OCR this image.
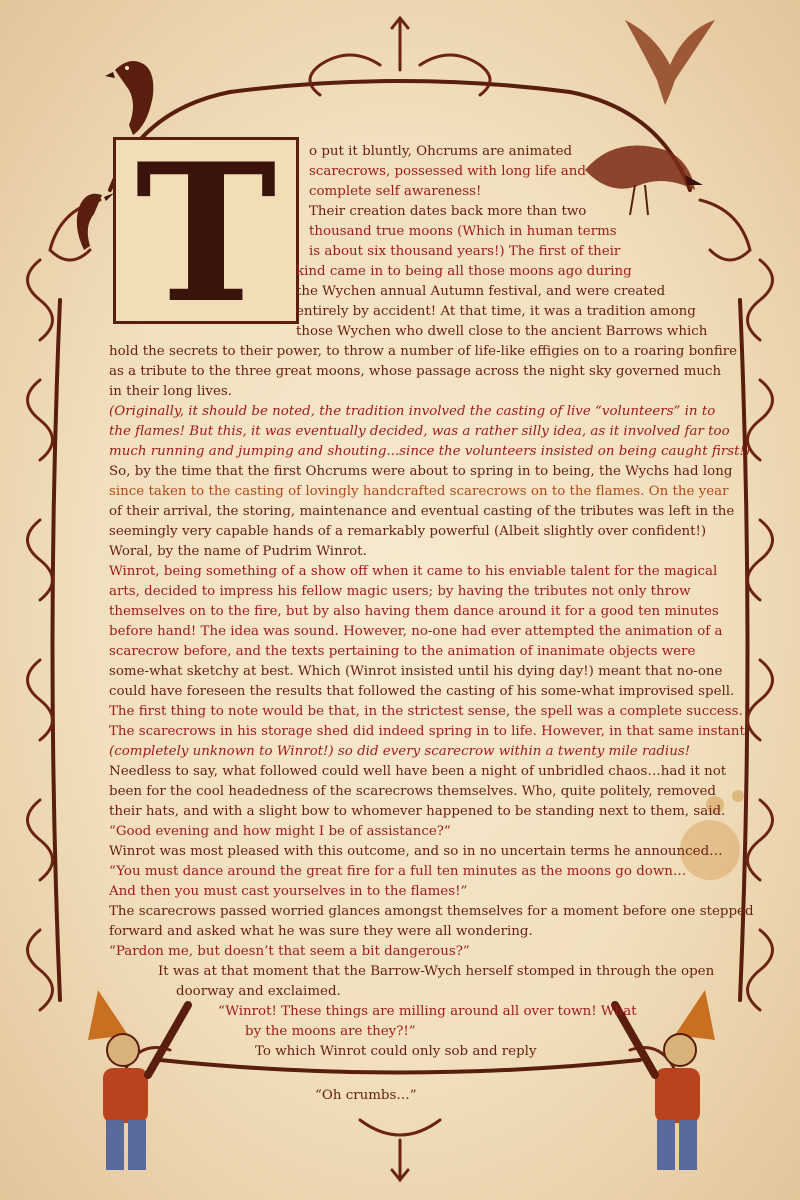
T	o put it bluntly, Ohcrums are animated
scarecrows, possessed with long life and
complete self awareness!
Their creation dates back more than two
thousand true moons (Which in human terms
is about six thousand years!) The first of their
kind came in to being all those moons ago during
the Wychen annual Autumn festival, and were created
entirely by accident! At that time, it was a tradition among
those Wychen who dwell close to the ancient Barrows which
hold the secrets to their power, to throw a number of life-like effigies on to a roaring bonfire
as a tribute to the three great moons, whose passage across the night sky governed much
in their long lives.
(Originally, it should be noted, the tradition involved the casting of live “volunteers” in to
the flames! But this, it was eventually decided, was a rather silly idea, as it involved far too
much running and jumping and shouting...since the volunteers insisted on being caught first!)
So, by the time that the first Ohcrums were about to spring in to being, the Wychs had long
since taken to the casting of lovingly handcrafted scarecrows on to the flames. On the year
of their arrival, the storing, maintenance and eventual casting of the tributes was left in the
seemingly very capable hands of a remarkably powerful (Albeit slightly over confident!)
Woral, by the name of Pudrim Winrot.
Winrot, being something of a show off when it came to his enviable talent for the magical
arts, decided to impress his fellow magic users; by having the tributes not only throw
themselves on to the fire, but by also having them dance around it for a good ten minutes
before hand! The idea was sound. However, no-one had ever attempted the animation of a
scarecrow before, and the texts pertaining to the animation of inanimate objects were
some-what sketchy at best. Which (Winrot insisted until his dying day!) meant that no-one
could have foreseen the results that followed the casting of his some-what improvised spell.
The first thing to note would be that, in the strictest sense, the spell was a complete success.
The scarecrows in his storage shed did indeed spring in to life. However, in that same instant
(completely unknown to Winrot!) so did every scarecrow within a twenty mile radius!
Needless to say, what followed could well have been a night of unbridled chaos…had it not
been for the cool headedness of the scarecrows themselves. Who, quite politely, removed
their hats, and with a slight bow to whomever happened to be standing next to them, said.
“Good evening and how might I be of assistance?”
Winrot was most pleased with this outcome, and so in no uncertain terms he announced…
“You must dance around the great fire for a full ten minutes as the moons go down…
And then you must cast yourselves in to the flames!”
The scarecrows passed worried glances amongst themselves for a moment before one stepped
forward and asked what he was sure they were all wondering.
“Pardon me, but doesn’t that seem a bit dangerous?”
It was at that moment that the Barrow-Wych herself stomped in through the open
doorway and exclaimed.
“Winrot! These things are milling around all over town! What
by the moons are they?!”
To which Winrot could only sob and reply
“Oh crumbs…”
